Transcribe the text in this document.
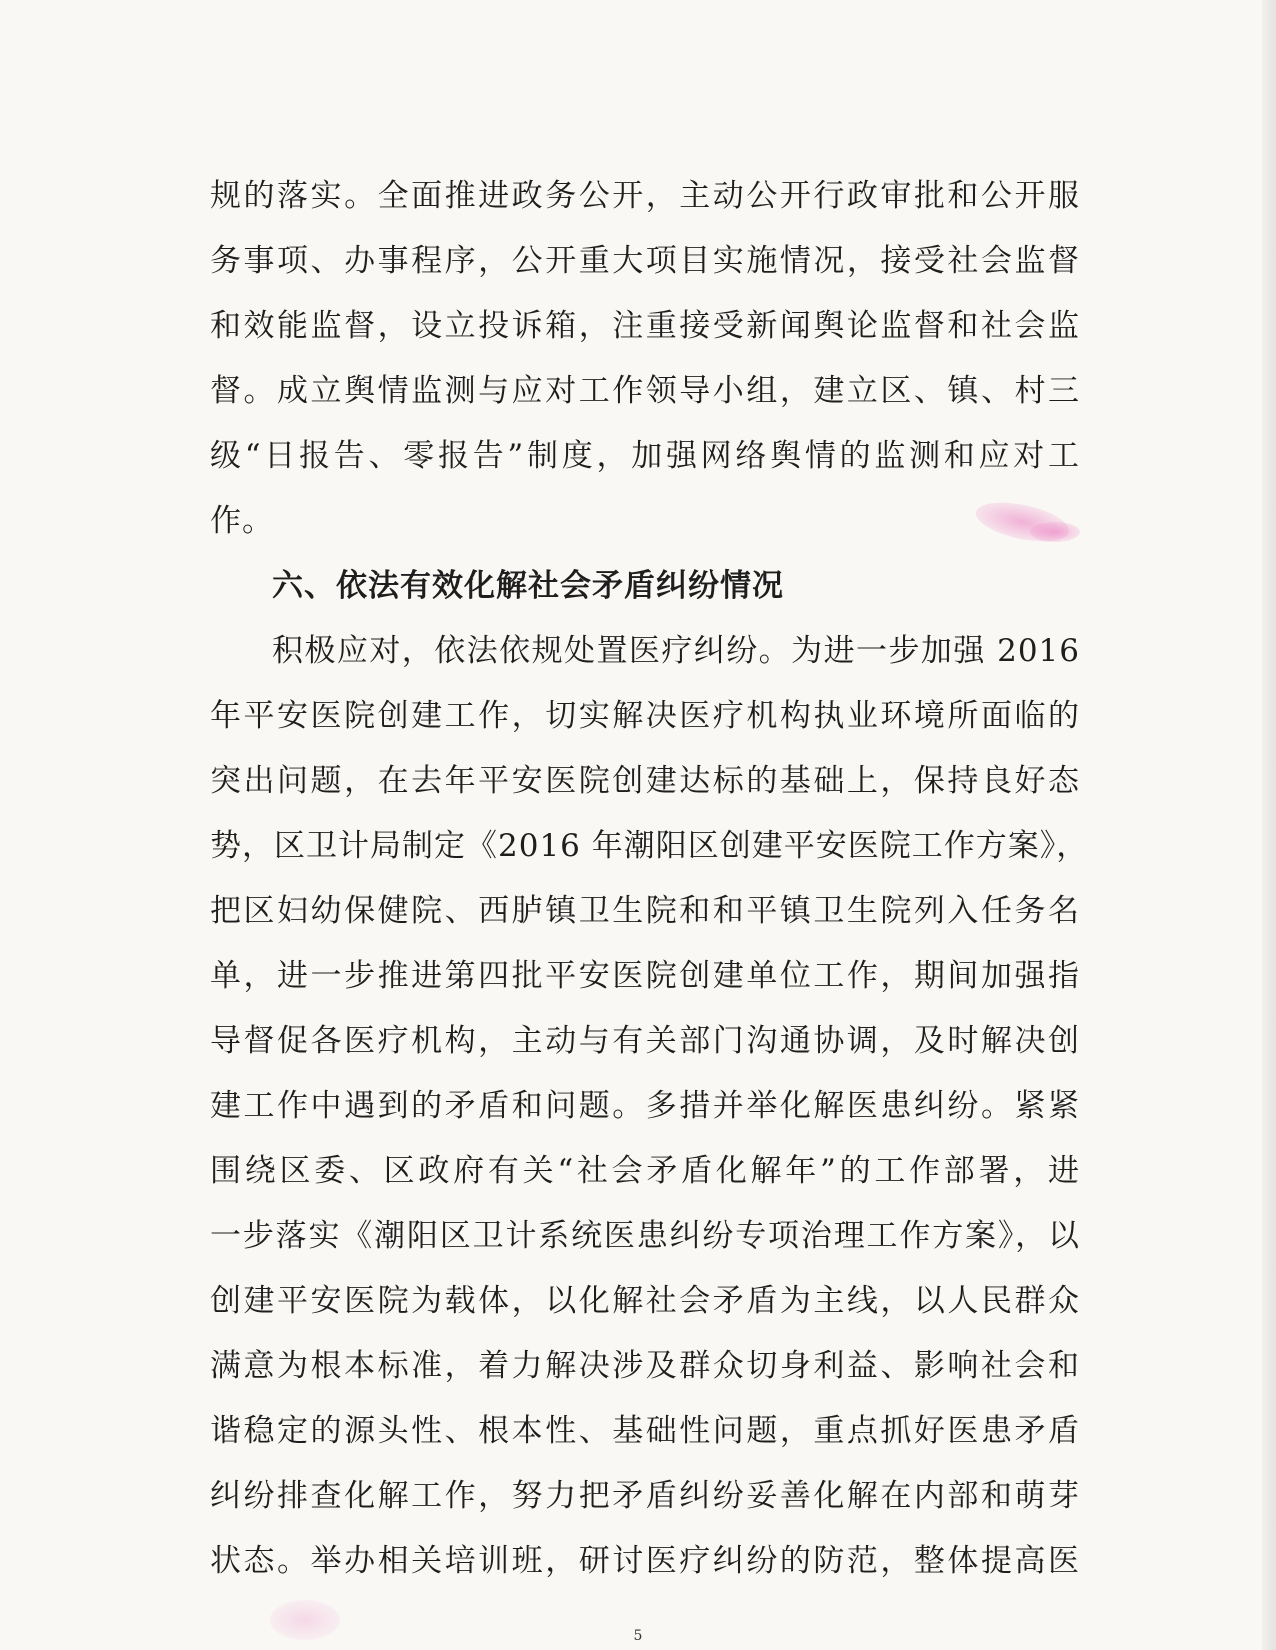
规的落实。全面推进政务公开，主动公开行政审批和公开服
务事项、办事程序，公开重大项目实施情况，接受社会监督
和效能监督，设立投诉箱，注重接受新闻舆论监督和社会监
督。成立舆情监测与应对工作领导小组，建立区、镇、村三
级“日报告、零报告”制度，加强网络舆情的监测和应对工
作。
六、依法有效化解社会矛盾纠纷情况
积极应对，依法依规处置医疗纠纷。为进一步加强 2016
年平安医院创建工作，切实解决医疗机构执业环境所面临的
突出问题，在去年平安医院创建达标的基础上，保持良好态
势，区卫计局制定《2016 年潮阳区创建平安医院工作方案》，
把区妇幼保健院、西胪镇卫生院和和平镇卫生院列入任务名
单，进一步推进第四批平安医院创建单位工作，期间加强指
导督促各医疗机构，主动与有关部门沟通协调，及时解决创
建工作中遇到的矛盾和问题。多措并举化解医患纠纷。紧紧
围绕区委、区政府有关“社会矛盾化解年”的工作部署，进
一步落实《潮阳区卫计系统医患纠纷专项治理工作方案》，以
创建平安医院为载体，以化解社会矛盾为主线，以人民群众
满意为根本标准，着力解决涉及群众切身利益、影响社会和
谐稳定的源头性、根本性、基础性问题，重点抓好医患矛盾
纠纷排查化解工作，努力把矛盾纠纷妥善化解在内部和萌芽
状态。举办相关培训班，研讨医疗纠纷的防范，整体提高医
5
